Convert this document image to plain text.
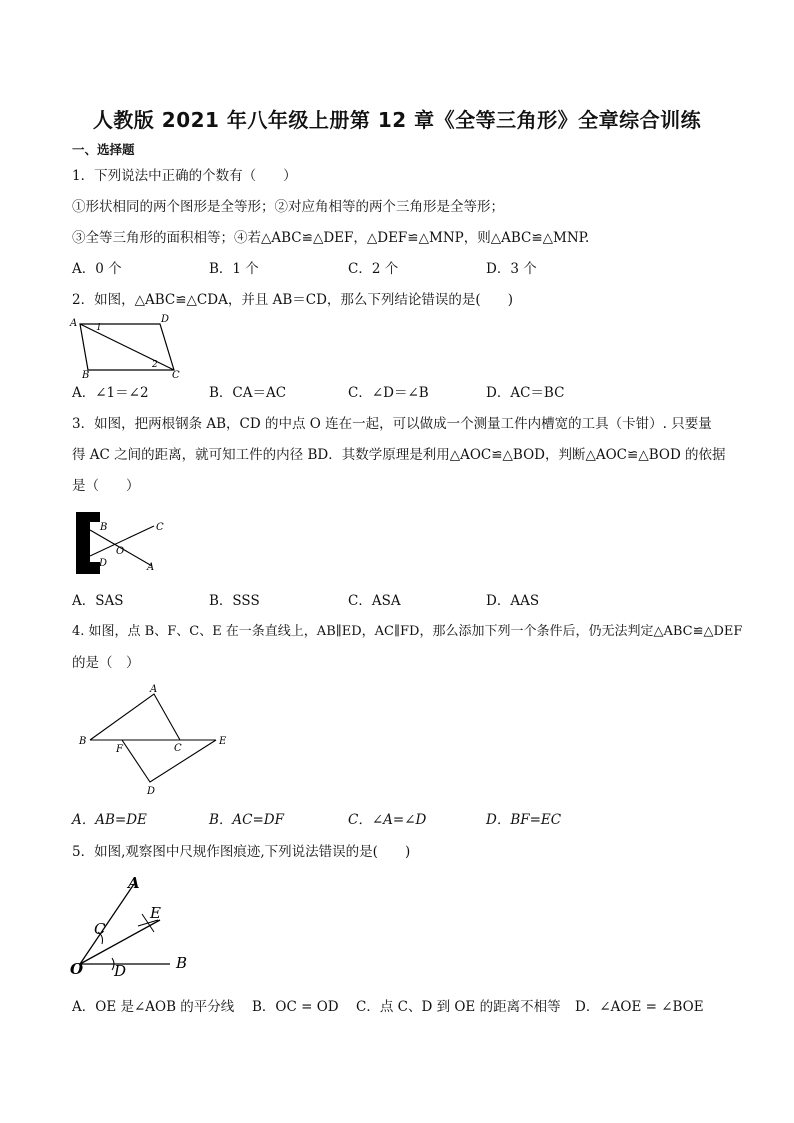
人教版 2021 年八年级上册第 12 章《全等三角形》全章综合训练
一、选择题
1．下列说法中正确的个数有（　　）
①形状相同的两个图形是全等形；②对应角相等的两个三角形是全等形；
③全等三角形的面积相等；④若△ABC≌△DEF，△DEF≌△MNP，则△ABC≌△MNP.
A．0 个	B．1 个	C．2 个	D．3 个
2．如图，△ABC≌△CDA，并且 AB＝CD，那么下列结论错误的是(　　)
A	D
B	C
1
2
A．∠1＝∠2	B．CA＝AC	C．∠D＝∠B	D．AC＝BC
3．如图，把两根钢条 AB，CD 的中点 O 连在一起，可以做成一个测量工件内槽宽的工具（卡钳）. 只要量
得 AC 之间的距离，就可知工件的内径 BD．其数学原理是利用△AOC≌△BOD，判断△AOC≌△BOD 的依据
是（　　）
B
D
O
C
A
A．SAS	B．SSS	C．ASA	D．AAS
4. 如图，点 B、F、C、E 在一条直线上，AB∥ED，AC∥FD，那么添加下列一个条件后，仍无法判定△ABC≌△DEF
的是（　）
A
B
F	C
E
D
A．AB=DE	B．AC=DF	C．∠A=∠D	D．BF=EC
5．如图,观察图中尺规作图痕迹,下列说法错误的是(　　)
A
B
C
D
E
O
A．OE 是∠AOB 的平分线 B．OC = OD C．点 C、D 到 OE 的距离不相等 D．∠AOE = ∠BOE
